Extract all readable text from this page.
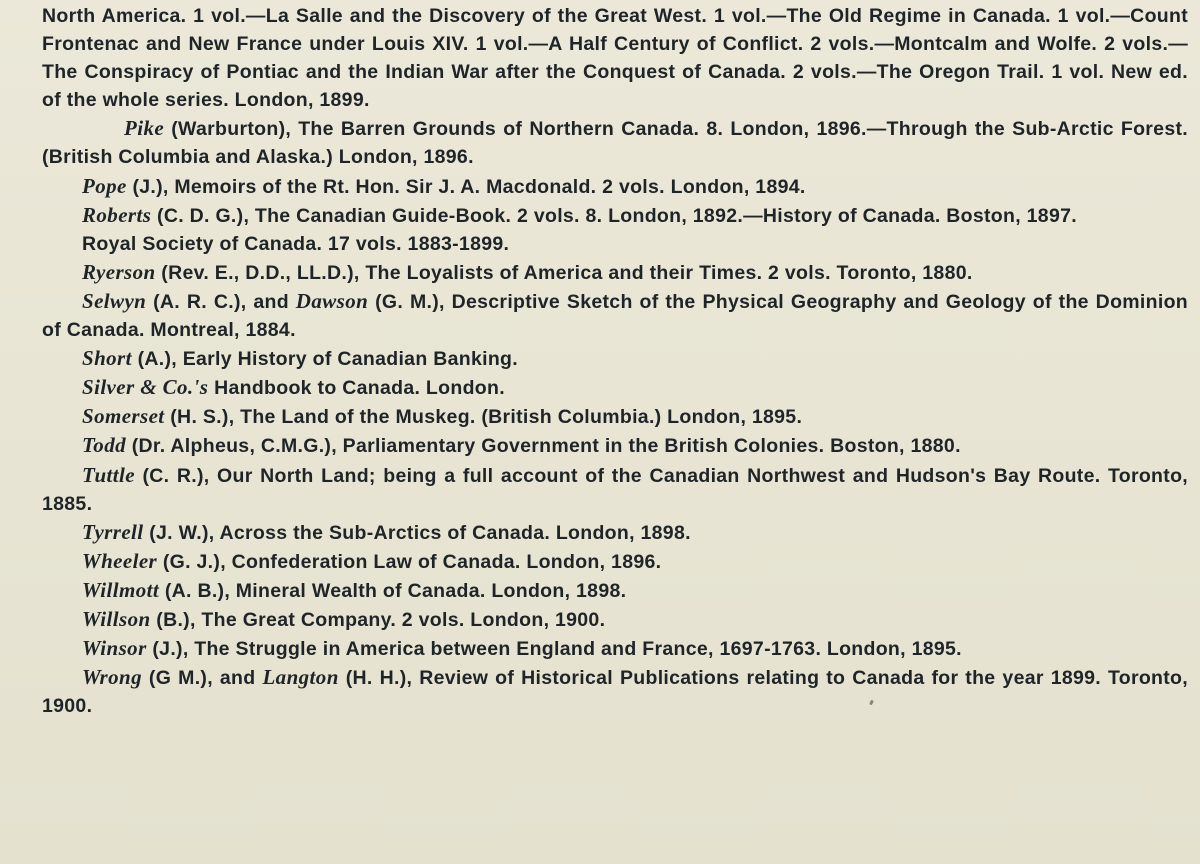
North America. 1 vol.—La Salle and the Discovery of the Great West. 1 vol.—The Old Regime in Canada. 1 vol.—Count Frontenac and New France under Louis XIV. 1 vol.—A Half Century of Conflict. 2 vols.—Montcalm and Wolfe. 2 vols.—The Conspiracy of Pontiac and the Indian War after the Conquest of Canada. 2 vols.—The Oregon Trail. 1 vol. New ed. of the whole series. London, 1899.

Pike (Warburton), The Barren Grounds of Northern Canada. 8. London, 1896.—Through the Sub-Arctic Forest. (British Columbia and Alaska.) London, 1896.

Pope (J.), Memoirs of the Rt. Hon. Sir J. A. Macdonald. 2 vols. London, 1894.

Roberts (C. D. G.), The Canadian Guide-Book. 2 vols. 8. London, 1892.—History of Canada. Boston, 1897.

Royal Society of Canada. 17 vols. 1883-1899.

Ryerson (Rev. E., D.D., LL.D.), The Loyalists of America and their Times. 2 vols. Toronto, 1880.

Selwyn (A. R. C.), and Dawson (G. M.), Descriptive Sketch of the Physical Geography and Geology of the Dominion of Canada. Montreal, 1884.

Short (A.), Early History of Canadian Banking.

Silver & Co.'s Handbook to Canada. London.

Somerset (H. S.), The Land of the Muskeg. (British Columbia.) London, 1895.

Todd (Dr. Alpheus, C.M.G.), Parliamentary Government in the British Colonies. Boston, 1880.

Tuttle (C. R.), Our North Land; being a full account of the Canadian Northwest and Hudson's Bay Route. Toronto, 1885.

Tyrrell (J. W.), Across the Sub-Arctics of Canada. London, 1898.

Wheeler (G. J.), Confederation Law of Canada. London, 1896.

Willmott (A. B.), Mineral Wealth of Canada. London, 1898.

Willson (B.), The Great Company. 2 vols. London, 1900.

Winsor (J.), The Struggle in America between England and France, 1697-1763. London, 1895.

Wrong (G M.), and Langton (H. H.), Review of Historical Publications relating to Canada for the year 1899. Toronto, 1900.
